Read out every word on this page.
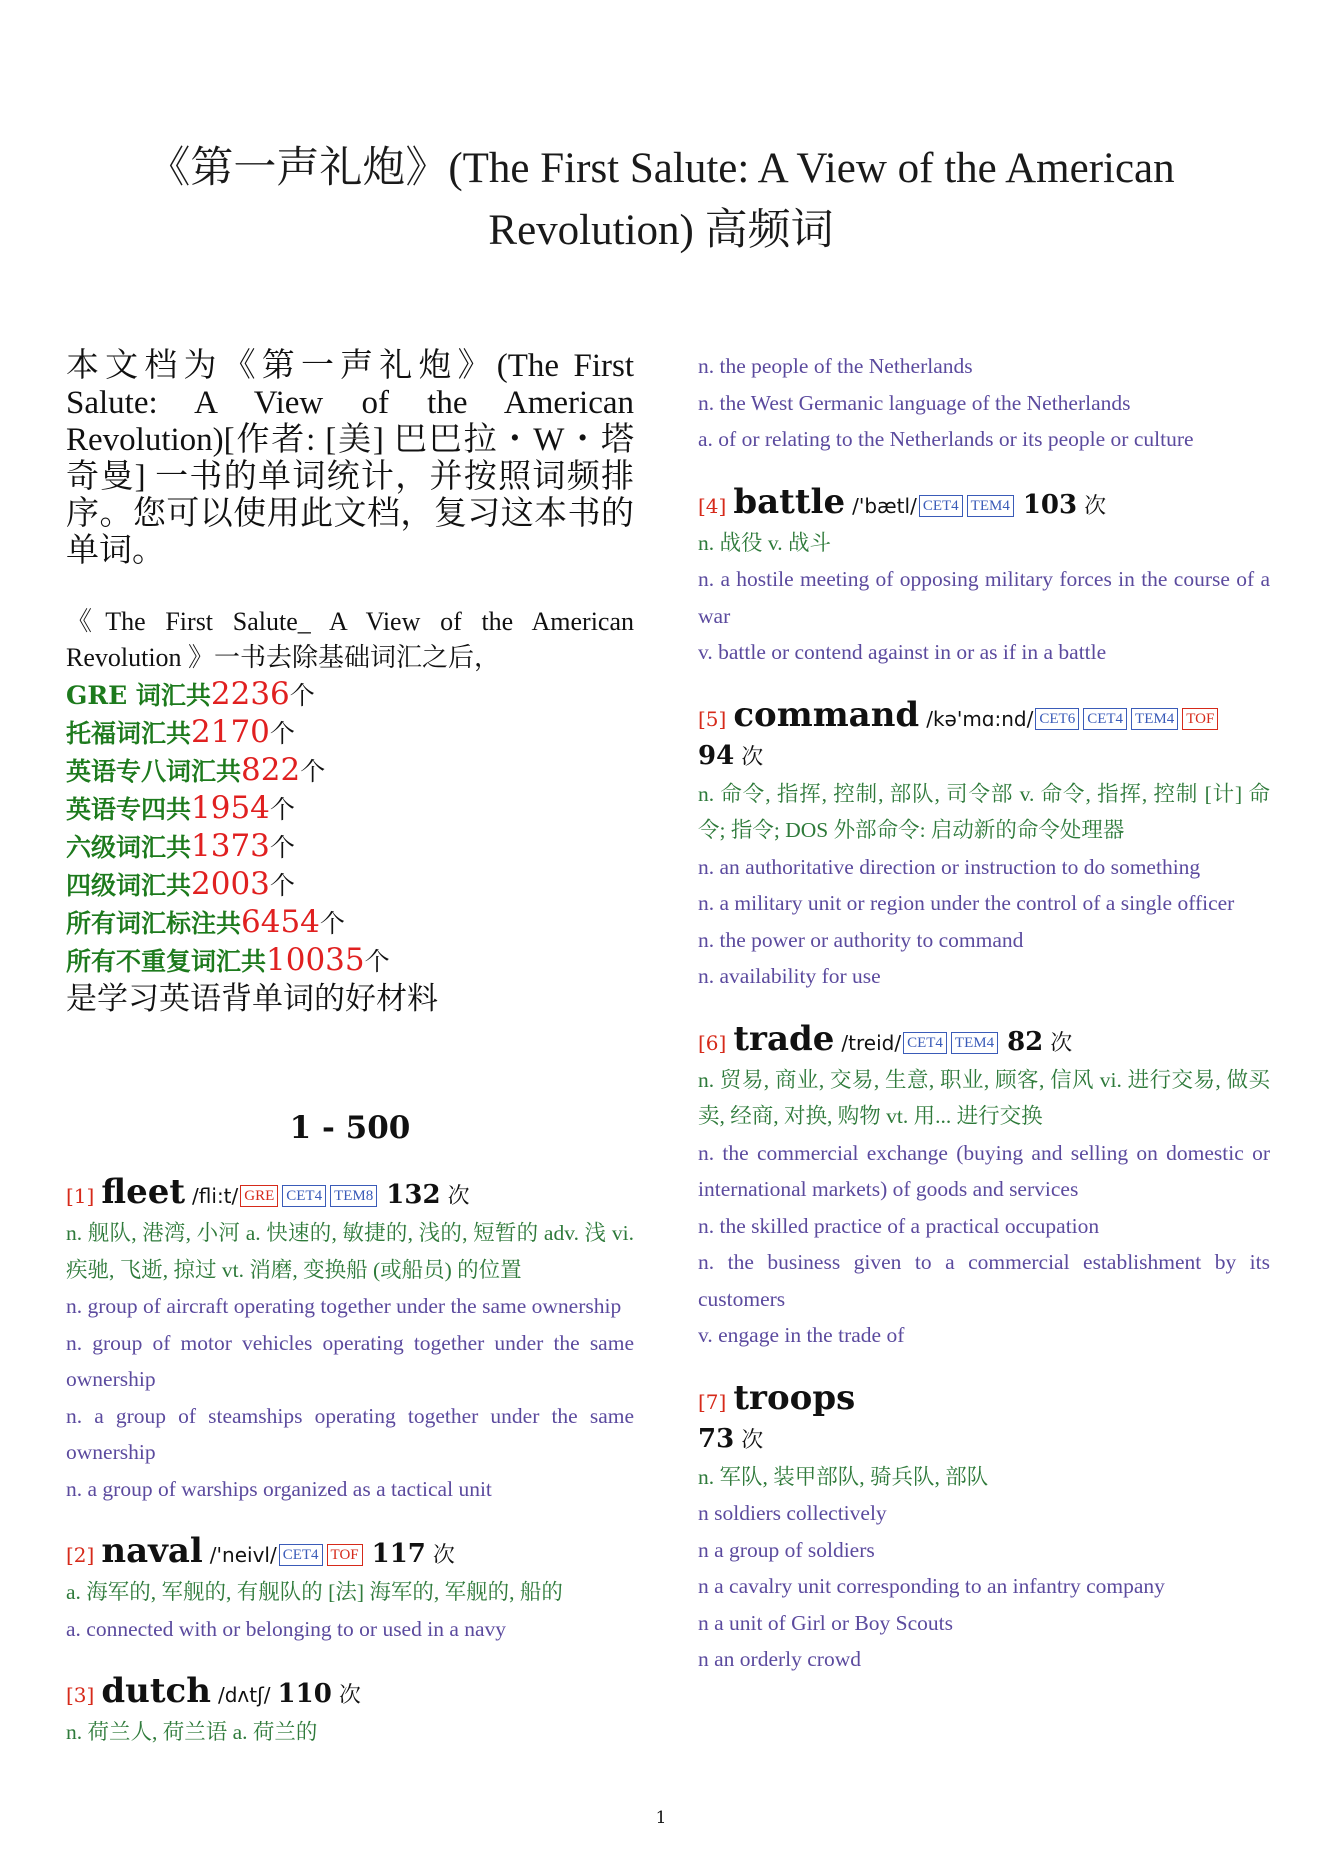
《第一声礼炮》(The First Salute: A View of the American Revolution) 高频词
本文档为《第一声礼炮》(The First Salute: A View of the American Revolution)[作者: [美] 巴巴拉・W・塔奇曼] 一书的单词统计，并按照词频排序。您可以使用此文档，复习这本书的单词。
《The First Salute_ A View of the American Revolution 》一书去除基础词汇之后，
GRE 词汇共2236个
托福词汇共2170个
英语专八词汇共822个
英语专四共1954个
六级词汇共1373个
四级词汇共2003个
所有词汇标注共6454个
所有不重复词汇共10035个
是学习英语背单词的好材料
1 - 500
[1] fleet /fli:t/ GRE CET4 TEM8 132 次
n. 舰队, 港湾, 小河 a. 快速的, 敏捷的, 浅的, 短暂的 adv. 浅 vi. 疾驰, 飞逝, 掠过 vt. 消磨, 变换船 (或船员) 的位置
n. group of aircraft operating together under the same ownership
n. group of motor vehicles operating together under the same ownership
n. a group of steamships operating together under the same ownership
n. a group of warships organized as a tactical unit
[2] naval /'neivl/ CET4 TOF 117 次
a. 海军的, 军舰的, 有舰队的 [法] 海军的, 军舰的, 船的
a. connected with or belonging to or used in a navy
[3] dutch /dʌtʃ/ 110 次
n. 荷兰人, 荷兰语 a. 荷兰的
n. the people of the Netherlands
n. the West Germanic language of the Netherlands
a. of or relating to the Netherlands or its people or culture
[4] battle /'bætl/ CET4 TEM4 103 次
n. 战役 v. 战斗
n. a hostile meeting of opposing military forces in the course of a war
v. battle or contend against in or as if in a battle
[5] command /kə'mɑ:nd/ CET6 CET4 TEM4 TOF
94 次
n. 命令, 指挥, 控制, 部队, 司令部 v. 命令, 指挥, 控制 [计] 命令; 指令; DOS 外部命令: 启动新的命令处理器
n. an authoritative direction or instruction to do something
n. a military unit or region under the control of a single officer
n. the power or authority to command
n. availability for use
[6] trade /treid/ CET4 TEM4 82 次
n. 贸易, 商业, 交易, 生意, 职业, 顾客, 信风 vi. 进行交易, 做买卖, 经商, 对换, 购物 vt. 用... 进行交换
n. the commercial exchange (buying and selling on domestic or international markets) of goods and services
n. the skilled practice of a practical occupation
n. the business given to a commercial establishment by its customers
v. engage in the trade of
[7] troops
73 次
n. 军队, 装甲部队, 骑兵队, 部队
n soldiers collectively
n a group of soldiers
n a cavalry unit corresponding to an infantry company
n a unit of Girl or Boy Scouts
n an orderly crowd
1
